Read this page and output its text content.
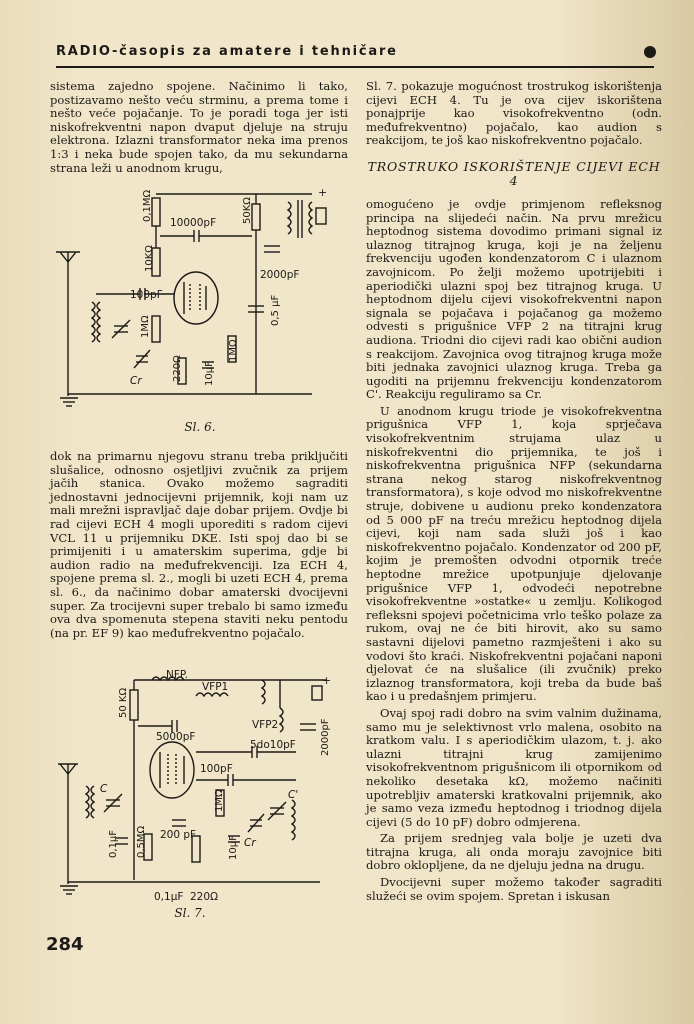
RADIO-časopis za amatere i tehničare

sistema zajedno spojene. Načinimo li tako, postizavamo nešto veću strminu, a prema tome i nešto veće pojačanje. To je poradi toga jer isti niskofrekventni napon dvaput djeluje na struju elektrona. Izlazni transformator neka ima prenos 1:3 i neka bude spojen tako, da mu sekundarna strana leži u anodnom krugu,

+
0,1MΩ
10000pF	50KΩ
10KΩ
2000pF
100pF
1MΩ
0,5 μF
Cr	220Ω 10μF
1MΩ
Sl. 6.

dok na primarnu njegovu stranu treba priključiti slušalice, odnosno osjetljivi zvučnik za prijem jačih stanica. Ovako možemo sagraditi jednostavni jednocijevni prijemnik, koji nam uz mali mrežni ispravljač daje dobar prijem. Ovdje bi rad cijevi ECH 4 mogli uporediti s radom cijevi VCL 11 u prijemniku DKE. Isti spoj dao bi se primijeniti i u amaterskim superima, gdje bi audion radio na međufrekvenciji. Iza ECH 4, spojene prema sl. 2., mogli bi uzeti ECH 4, prema sl. 6., da načinimo dobar amaterski dvocijevni super. Za trocijevni super trebalo bi samo između ova dva spomenuta stepena staviti neku pentodu (na pr. EF 9) kao međufrekventno pojačalo.

+
NFP.
VFP1
50 KΩ
5000pF
VFP2
5do10pF 2000pF
100pF
C	C'
Cr
0,1μF 0,5MΩ 200 pF
1MΩ
10μF
0,1μF 220Ω
Sl. 7.

Sl. 7. pokazuje mogućnost trostrukog iskorištenja cijevi ECH 4. Tu je ova cijev iskorištena ponajprije kao visokofrekventno (odn. međufrekventno) pojačalo, kao audion s reakcijom, te još kao niskofrekventno pojačalo.

TROSTRUKO ISKORIŠTENJE CIJEVI ECH 4

omogućeno je ovdje primjenom refleksnog principa na slijedeći način. Na prvu mrežicu heptodnog sistema dovodimo primani signal iz ulaznog titrajnog kruga, koji je na željenu frekvenciju ugođen kondenzatorom C i ulaznom zavojnicom. Po želji možemo upotrijebiti i aperiodički ulazni spoj bez titrajnog kruga. U heptodnom dijelu cijevi visokofrekventni napon signala se pojačava i pojačanog ga možemo odvesti s prigušnice VFP 2 na titrajni krug audiona. Triodni dio cijevi radi kao obični audion s reakcijom. Zavojnica ovog titrajnog kruga može biti jednaka zavojnici ulaznog kruga. Treba ga ugoditi na prijemnu frekvenciju kondenzatorom C'. Reakciju reguliramo sa Cr.

U anodnom krugu triode je visokofrekventna prigušnica VFP 1, koja sprječava visokofrekventnim strujama ulaz u niskofrekventni dio prijemnika, te još i niskofrekventna prigušnica NFP (sekundarna strana nekog starog niskofrekventnog transformatora), s koje odvod mo niskofrekventne struje, dobivene u audionu preko kondenzatora od 5 000 pF na treću mrežicu heptodnog dijela cijevi, koji nam sada služi još i kao niskofrekventno pojačalo. Kondenzator od 200 pF, kojim je premošten odvodni otpornik treće heptodne mrežice upotpunjuje djelovanje prigušnice VFP 1, odvodeći nepotrebne visokofrekventne »ostatke« u zemlju. Kolikogod refleksni spojevi početnicima vrlo teško polaze za rukom, ovaj ne će biti hirovit, ako su samo sastavni dijelovi pametno razmješteni i ako su vodovi što kraći. Niskofrekventni pojačani naponi djelovat će na slušalice (ili zvučnik) preko izlaznog transformatora, koji treba da bude baš kao i u predašnjem primjeru.

Ovaj spoj radi dobro na svim valnim dužinama, samo mu je selektivnost vrlo malena, osobito na kratkom valu. I s aperiodičkim ulazom, t. j. ako ulazni titrajni krug zamijenimo visokofrekventnom prigušnicom ili otpornikom od nekoliko desetaka kΩ, možemo načiniti upotrebljiv amaterski kratkovalni prijemnik, ako je samo veza između heptodnog i triodnog dijela cijevi (5 do 10 pF) dobro odmjerena.

Za prijem srednjeg vala bolje je uzeti dva titrajna kruga, ali onda moraju zavojnice biti dobro oklopljene, da ne djeluju jedna na drugu.

Dvocijevni super možemo također sagraditi služeći se ovim spojem. Spretan i iskusan

284
